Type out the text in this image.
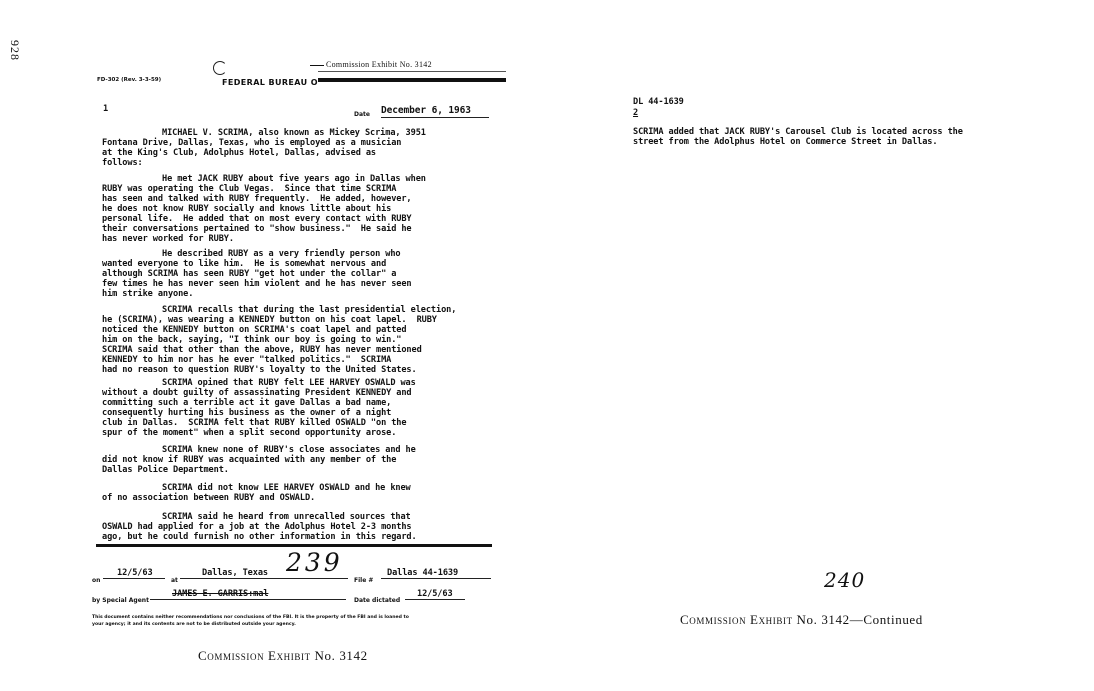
928
FD-302 (Rev. 3-3-59)
Commission Exhibit No. 3142
FEDERAL BUREAU O
1
Date December 6, 1963
MICHAEL V. SCRIMA, also known as Mickey Scrima, 3951
Fontana Drive, Dallas, Texas, who is employed as a musician
at the King's Club, Adolphus Hotel, Dallas, advised as
follows:
He met JACK RUBY about five years ago in Dallas when
RUBY was operating the Club Vegas.  Since that time SCRIMA
has seen and talked with RUBY frequently.  He added, however,
he does not know RUBY socially and knows little about his
personal life.  He added that on most every contact with RUBY
their conversations pertained to "show business."  He said he
has never worked for RUBY.
He described RUBY as a very friendly person who
wanted everyone to like him.  He is somewhat nervous and
although SCRIMA has seen RUBY "get hot under the collar" a
few times he has never seen him violent and he has never seen
him strike anyone.
SCRIMA recalls that during the last presidential election,
he (SCRIMA), was wearing a KENNEDY button on his coat lapel.  RUBY
noticed the KENNEDY button on SCRIMA's coat lapel and patted
him on the back, saying, "I think our boy is going to win."
SCRIMA said that other than the above, RUBY has never mentioned
KENNEDY to him nor has he ever "talked politics."  SCRIMA
had no reason to question RUBY's loyalty to the United States.
SCRIMA opined that RUBY felt LEE HARVEY OSWALD was
without a doubt guilty of assassinating President KENNEDY and
committing such a terrible act it gave Dallas a bad name,
consequently hurting his business as the owner of a night
club in Dallas.  SCRIMA felt that RUBY killed OSWALD "on the
spur of the moment" when a split second opportunity arose.
SCRIMA knew none of RUBY's close associates and he
did not know if RUBY was acquainted with any member of the
Dallas Police Department.
SCRIMA did not know LEE HARVEY OSWALD and he knew
of no association between RUBY and OSWALD.
SCRIMA said he heard from unrecalled sources that
OSWALD had applied for a job at the Adolphus Hotel 2-3 months
ago, but he could furnish no other information in this regard.
239
on
12/5/63
at
Dallas, Texas
File #
Dallas 44-1639
by Special Agent
JAMES E. GARRIS:mal
Date dictated
12/5/63
This document contains neither recommendations nor conclusions of the FBI. It is the property of the FBI and is loaned to
your agency; it and its contents are not to be distributed outside your agency.
Commission Exhibit No. 3142
DL 44-1639
2
SCRIMA added that JACK RUBY's Carousel Club is located across the
street from the Adolphus Hotel on Commerce Street in Dallas.
240
Commission Exhibit No. 3142—Continued
